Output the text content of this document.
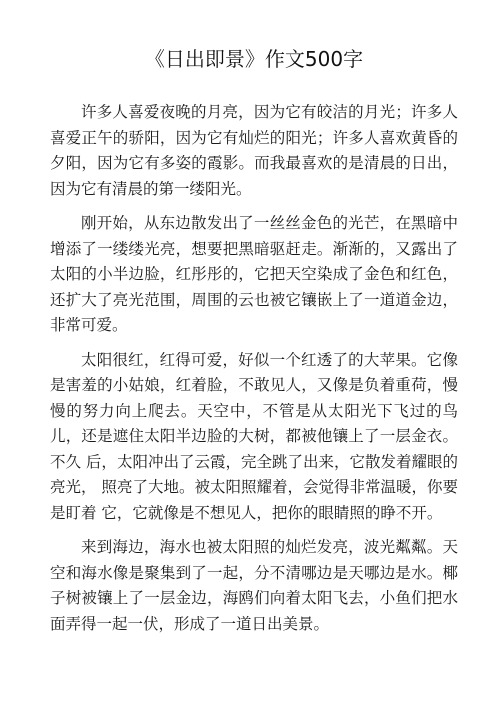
《日出即景》作文500字

许多人喜爱夜晚的月亮，因为它有皎洁的月光；许多人 喜爱正午的骄阳，因为它有灿烂的阳光；许多人喜欢黄昏的 夕阳，因为它有多姿的霞影。而我最喜欢的是清晨的日出， 因为它有清晨的第一缕阳光。

刚开始，从东边散发出了一丝丝金色的光芒，在黑暗中 增添了一缕缕光亮，想要把黑暗驱赶走。渐渐的，又露出了 太阳的小半边脸，红彤彤的，它把天空染成了金色和红色，还扩大了亮光范围，周围的云也被它镶嵌上了一道道金边，非常可爱。

太阳很红，红得可爱，好似一个红透了的大苹果。它像 是害羞的小姑娘，红着脸，不敢见人，又像是负着重荷，慢 慢的努力向上爬去。天空中，不管是从太阳光下飞过的鸟儿，还是遮住太阳半边脸的大树，都被他镶上了一层金衣。不久 后，太阳冲出了云霞，完全跳了出来，它散发着耀眼的亮光， 照亮了大地。被太阳照耀着，会觉得非常温暖，你要是盯着 它，它就像是不想见人，把你的眼睛照的睁不开。

来到海边，海水也被太阳照的灿烂发亮，波光粼粼。天 空和海水像是聚集到了一起，分不清哪边是天哪边是水。椰 子树被镶上了一层金边，海鸥们向着太阳飞去，小鱼们把水 面弄得一起一伏，形成了一道日出美景。
